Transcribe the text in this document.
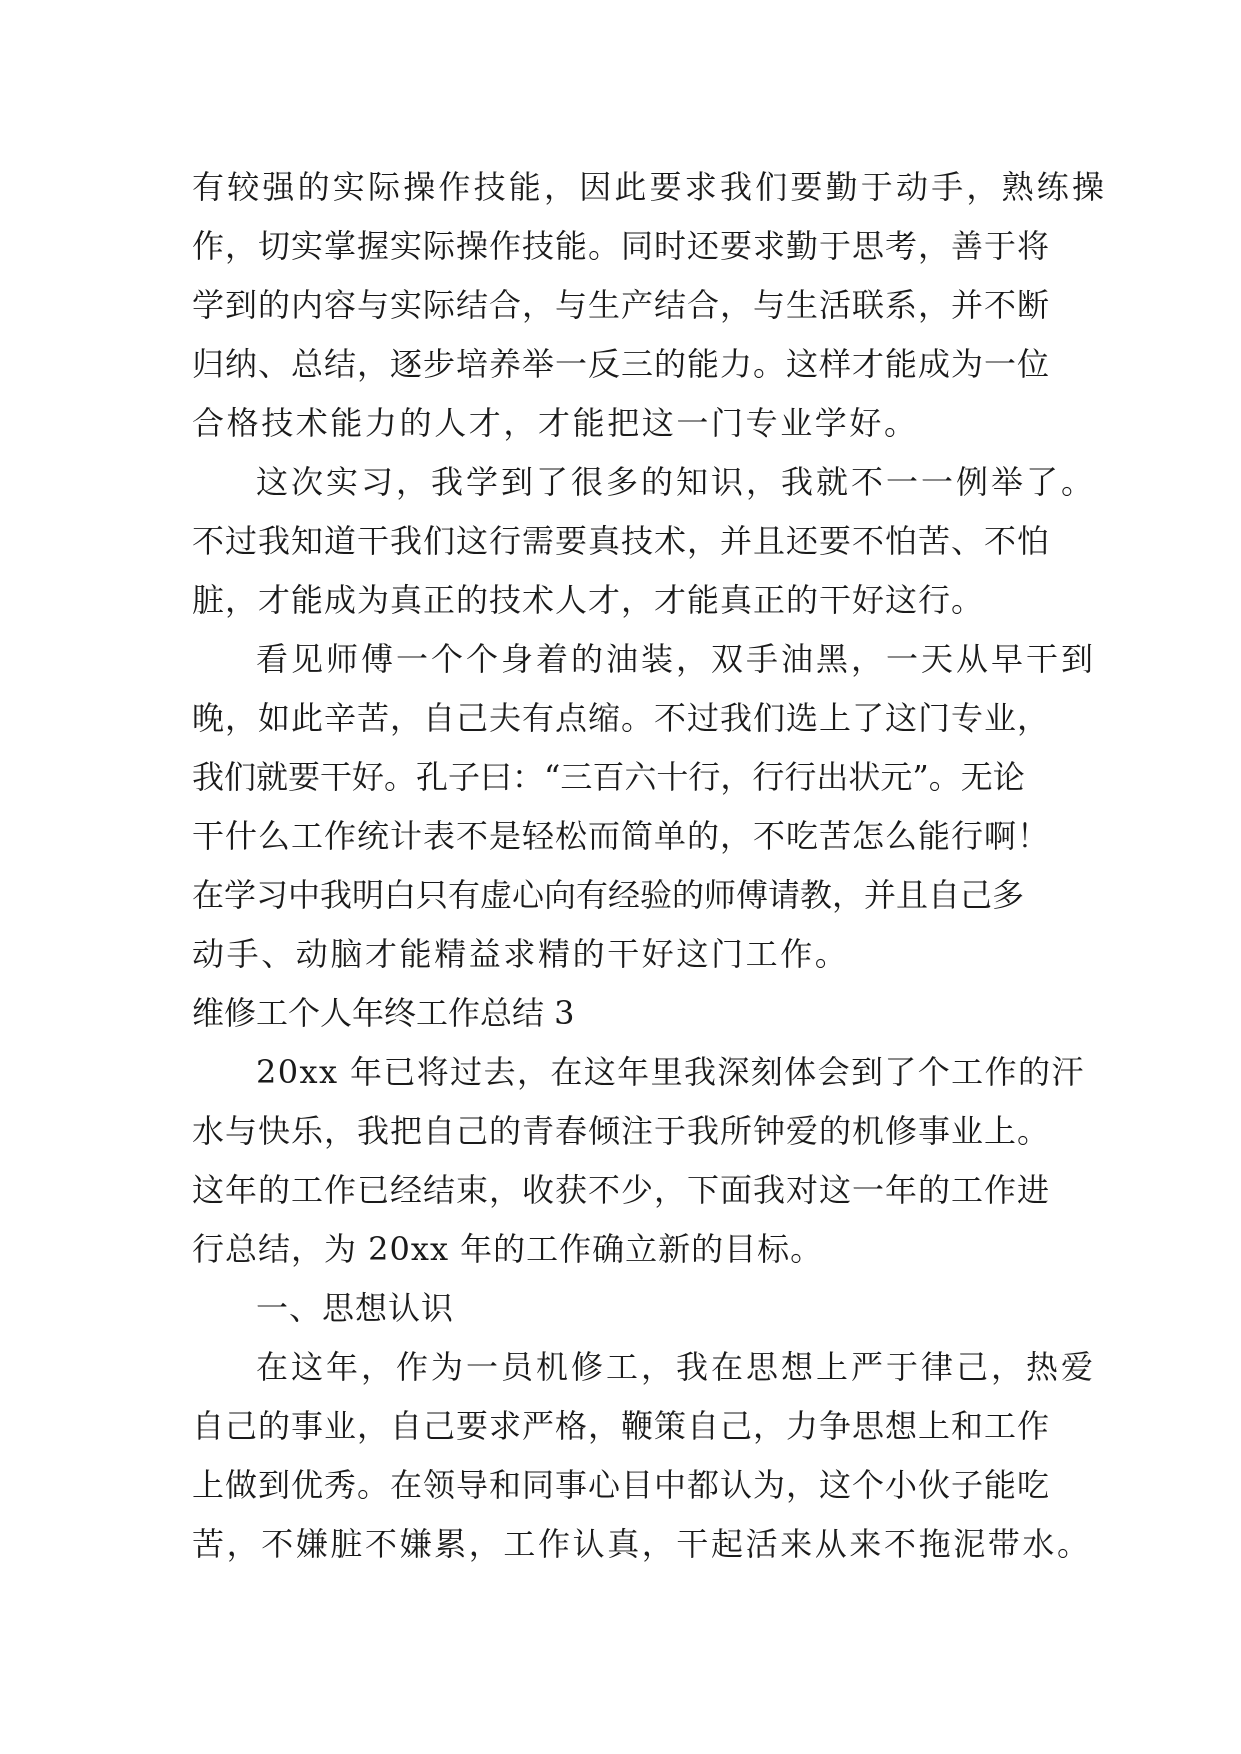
有较强的实际操作技能，因此要求我们要勤于动手，熟练操

作，切实掌握实际操作技能。同时还要求勤于思考，善于将

学到的内容与实际结合，与生产结合，与生活联系，并不断

归纳、总结，逐步培养举一反三的能力。这样才能成为一位

合格技术能力的人才，才能把这一门专业学好。

这次实习，我学到了很多的知识，我就不一一例举了。

不过我知道干我们这行需要真技术，并且还要不怕苦、不怕

脏，才能成为真正的技术人才，才能真正的干好这行。

看见师傅一个个身着的油装，双手油黑，一天从早干到

晚，如此辛苦，自己夫有点缩。不过我们选上了这门专业，

我们就要干好。孔子曰：“三百六十行，行行出状元”。无论

干什么工作统计表不是轻松而简单的，不吃苦怎么能行啊！

在学习中我明白只有虚心向有经验的师傅请教，并且自己多

动手、动脑才能精益求精的干好这门工作。

维修工个人年终工作总结 3

20xx 年已将过去，在这年里我深刻体会到了个工作的汗

水与快乐，我把自己的青春倾注于我所钟爱的机修事业上。

这年的工作已经结束，收获不少，下面我对这一年的工作进

行总结，为 20xx 年的工作确立新的目标。

一、思想认识

在这年，作为一员机修工，我在思想上严于律己，热爱

自己的事业，自己要求严格，鞭策自己，力争思想上和工作

上做到优秀。在领导和同事心目中都认为，这个小伙子能吃

苦，不嫌脏不嫌累，工作认真，干起活来从来不拖泥带水。
